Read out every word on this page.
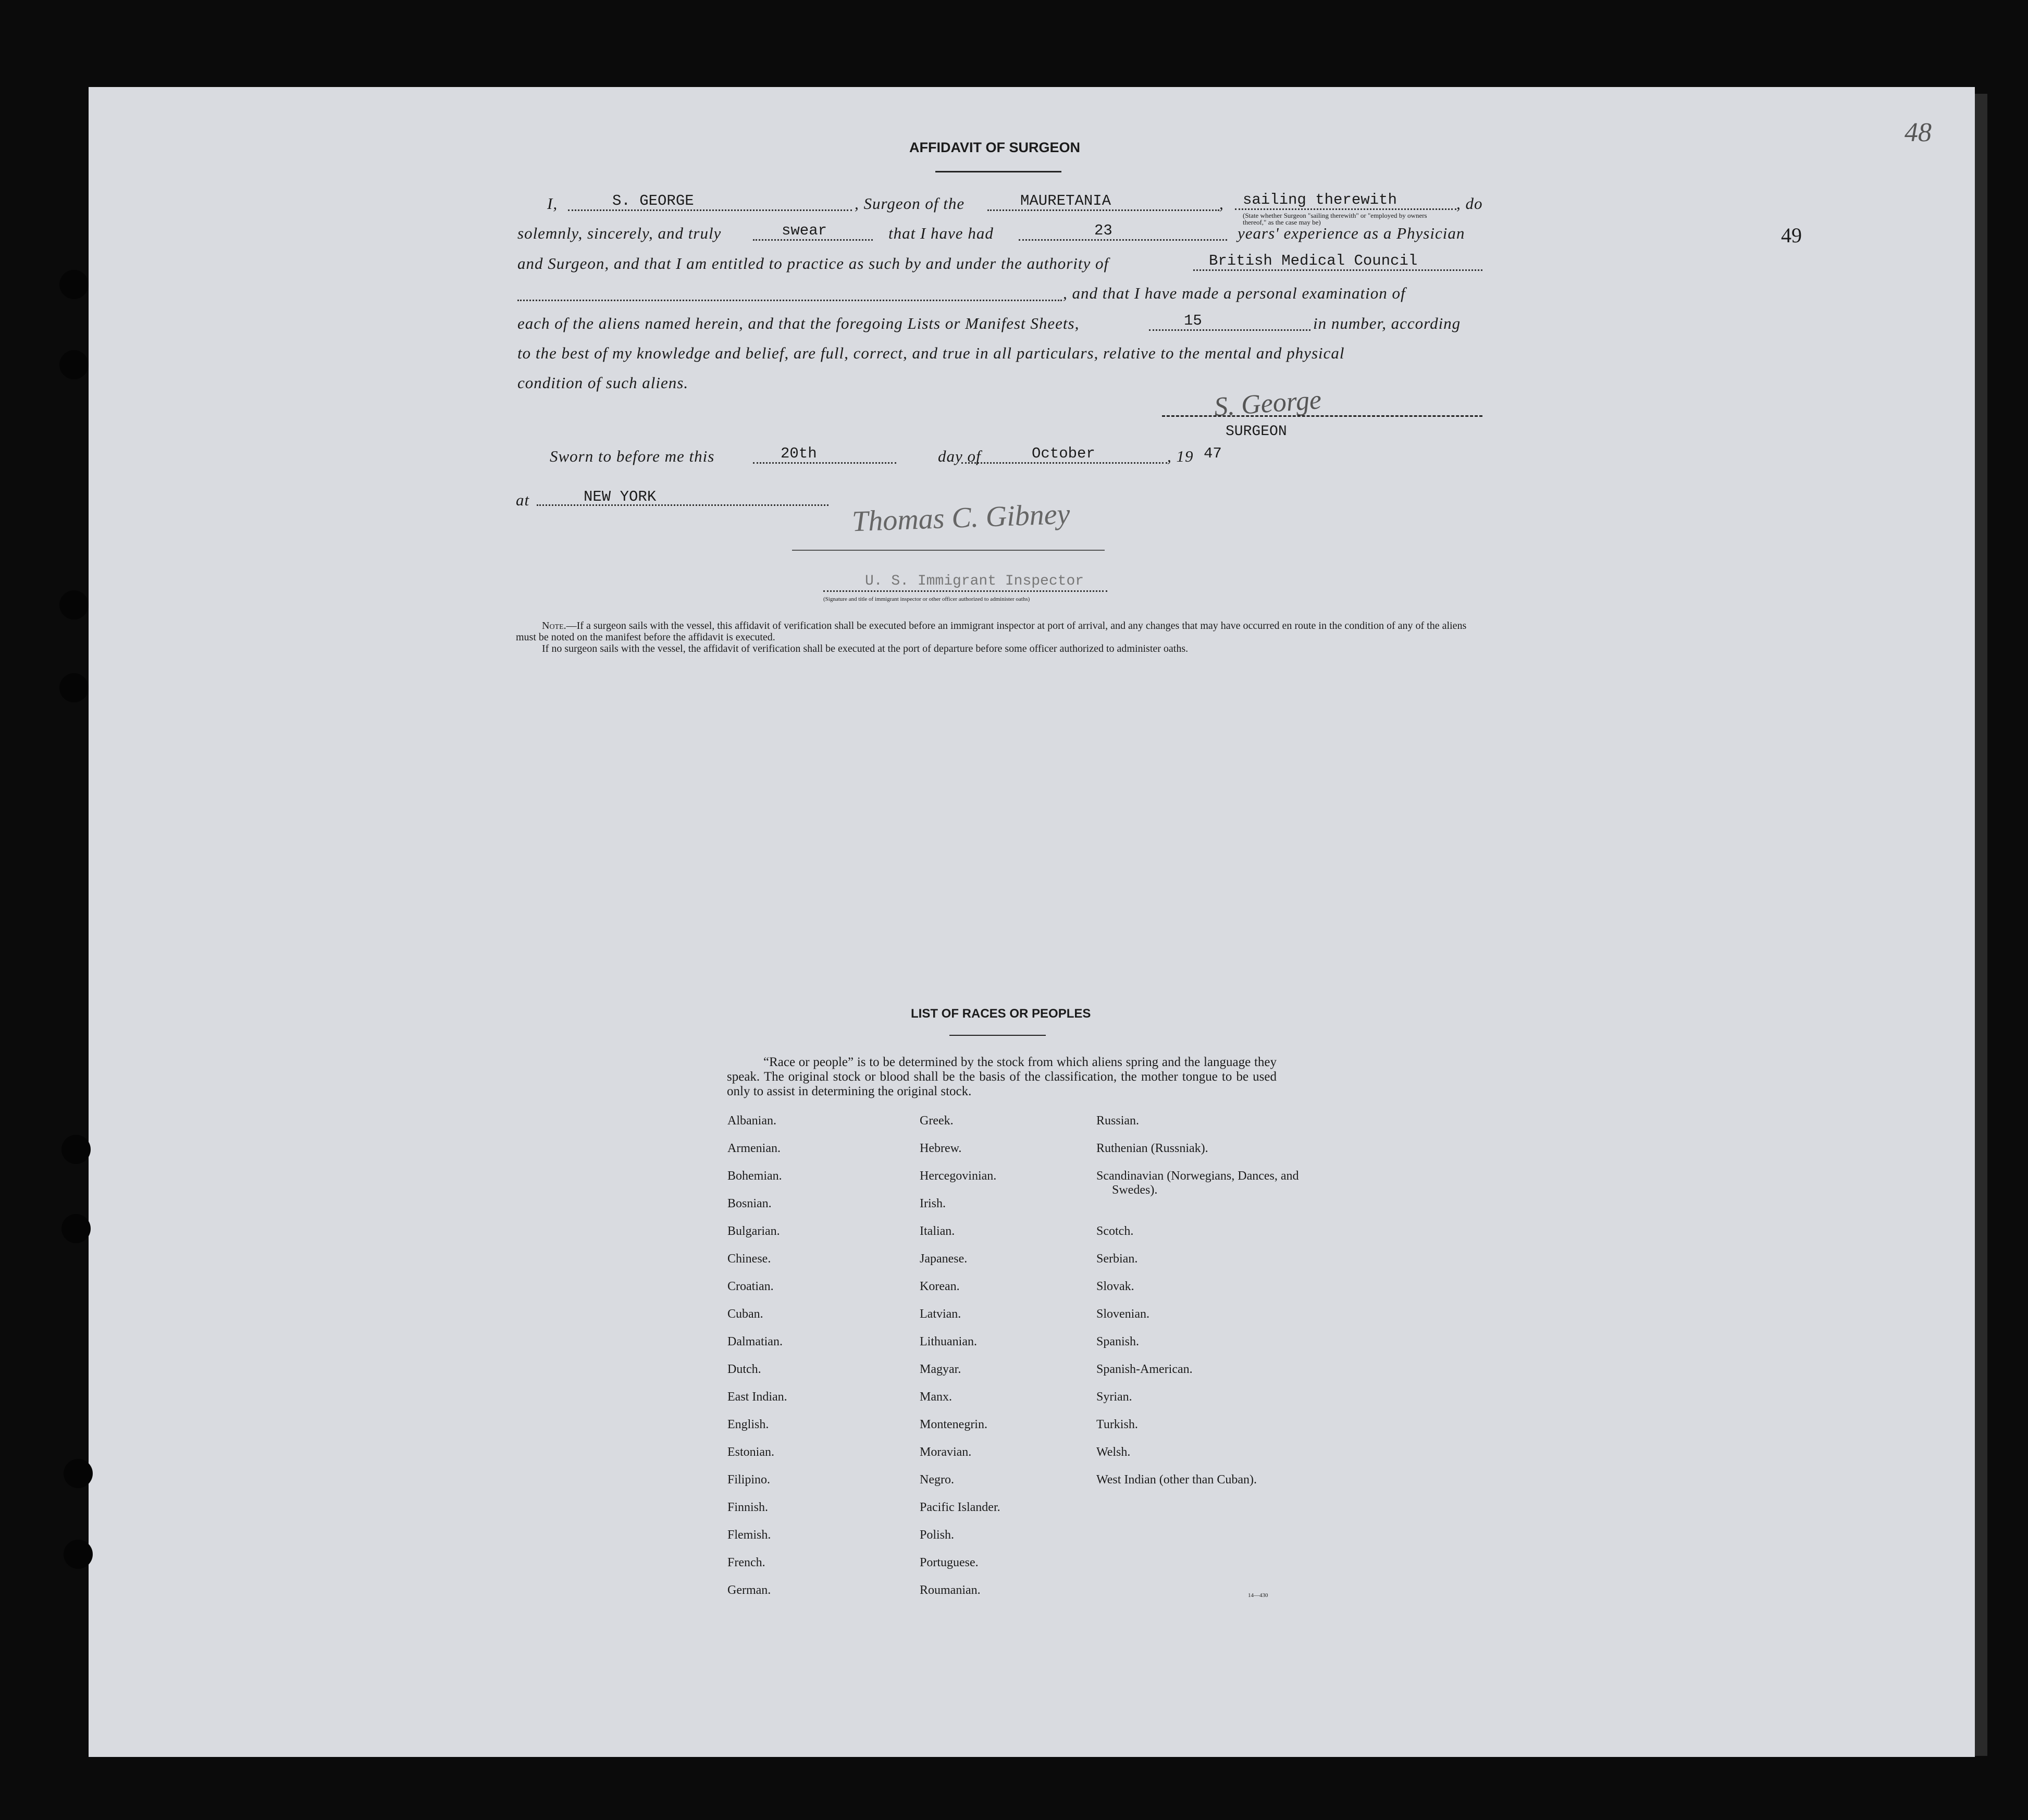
48
49
AFFIDAVIT OF SURGEON
I,	S. GEORGE	, Surgeon of the	MAURETANIA	, sailing therewith	, do
(State whether Surgeon "sailing therewith" or "employed by owners thereof," as the case may be)
solemnly, sincerely, and truly	swear	that I have had	23	years' experience as a Physician
and Surgeon, and that I am entitled to practice as such by and under the authority of	British Medical Council
, and that I have made a personal examination of
each of the aliens named herein, and that the foregoing Lists or Manifest Sheets,	15	in number, according
to the best of my knowledge and belief, are full, correct, and true in all particulars, relative to the mental and physical
condition of such aliens.
S. George
SURGEON
Sworn to before me this	20th	day of	October	, 19 47
at	NEW YORK
Thomas C. Gibney
U. S. Immigrant Inspector
(Signature and title of immigrant inspector or other officer authorized to administer oaths)
Note.—If a surgeon sails with the vessel, this affidavit of verification shall be executed before an immigrant inspector at port of arrival, and any changes that may have occurred en route in the condition of any of the aliens must be noted on the manifest before the affidavit is executed.
If no surgeon sails with the vessel, the affidavit of verification shall be executed at the port of departure before some officer authorized to administer oaths.
LIST OF RACES OR PEOPLES
“Race or people” is to be determined by the stock from which aliens spring and the language they speak. The original stock or blood shall be the basis of the classification, the mother tongue to be used only to assist in determining the original stock.
Albanian.
Armenian.
Bohemian.
Bosnian.
Bulgarian.
Chinese.
Croatian.
Cuban.
Dalmatian.
Dutch.
East Indian.
English.
Estonian.
Filipino.
Finnish.
Flemish.
French.
German.
Greek.
Hebrew.
Hercegovinian.
Irish.
Italian.
Japanese.
Korean.
Latvian.
Lithuanian.
Magyar.
Manx.
Montenegrin.
Moravian.
Negro.
Pacific Islander.
Polish.
Portuguese.
Roumanian.
Russian.
Ruthenian (Russniak).
Scandinavian (Norwegians, Dances, and Swedes).
Scotch.
Serbian.
Slovak.
Slovenian.
Spanish.
Spanish-American.
Syrian.
Turkish.
Welsh.
West Indian (other than Cuban).
14—430
